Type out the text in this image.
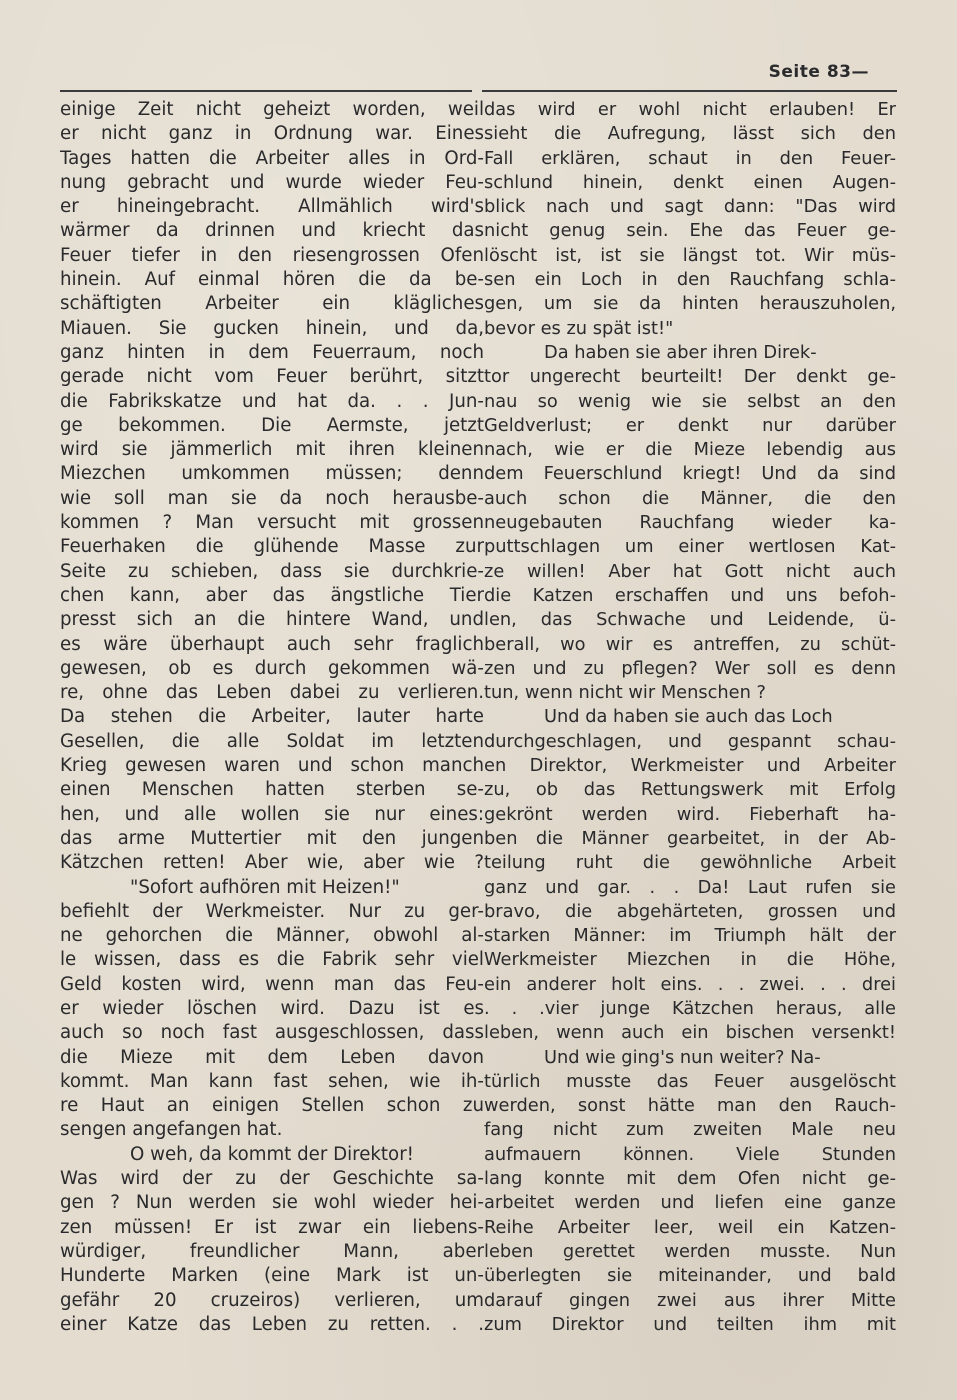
Seite 83—
einige Zeit nicht geheizt worden, weil
er nicht ganz in Ordnung war. Eines
Tages hatten die Arbeiter alles in Ord-
nung gebracht und wurde wieder Feu-
er hineingebracht. Allmählich wird's
wärmer da drinnen und kriecht das
Feuer tiefer in den riesengrossen Ofen
hinein. Auf einmal hören die da be-
schäftigten Arbeiter ein klägliches
Miauen. Sie gucken hinein, und da,
ganz hinten in dem Feuerraum, noch
gerade nicht vom Feuer berührt, sitzt
die Fabrikskatze und hat da. . . Jun-
ge bekommen. Die Aermste, jetzt
wird sie jämmerlich mit ihren kleinen
Miezchen umkommen müssen; denn
wie soll man sie da noch herausbe-
kommen ? Man versucht mit grossen
Feuerhaken die glühende Masse zur
Seite zu schieben, dass sie durchkrie-
chen kann, aber das ängstliche Tier
presst sich an die hintere Wand, und
es wäre überhaupt auch sehr fraglich
gewesen, ob es durch gekommen wä-
re, ohne das Leben dabei zu verlieren.
Da stehen die Arbeiter, lauter harte
Gesellen, die alle Soldat im letzten
Krieg gewesen waren und schon manch
einen Menschen hatten sterben se-
hen, und alle wollen sie nur eines:
das arme Muttertier mit den jungen
Kätzchen retten! Aber wie, aber wie ?
"Sofort aufhören mit Heizen!"
befiehlt der Werkmeister. Nur zu ger-
ne gehorchen die Männer, obwohl al-
le wissen, dass es die Fabrik sehr viel
Geld kosten wird, wenn man das Feu-
er wieder löschen wird. Dazu ist es
auch so noch fast ausgeschlossen, dass
die Mieze mit dem Leben davon
kommt. Man kann fast sehen, wie ih-
re Haut an einigen Stellen schon zu
sengen angefangen hat.
O weh, da kommt der Direktor!
Was wird der zu der Geschichte sa-
gen ? Nun werden sie wohl wieder hei-
zen müssen! Er ist zwar ein liebens-
würdiger, freundlicher Mann, aber
Hunderte Marken (eine Mark ist un-
gefähr 20 cruzeiros) verlieren, um
einer Katze das Leben zu retten. . .
das wird er wohl nicht erlauben! Er
sieht die Aufregung, lässt sich den
Fall erklären, schaut in den Feuer-
schlund hinein, denkt einen Augen-
blick nach und sagt dann: "Das wird
nicht genug sein. Ehe das Feuer ge-
löscht ist, ist sie längst tot. Wir müs-
sen ein Loch in den Rauchfang schla-
gen, um sie da hinten herauszuholen,
bevor es zu spät ist!"
Da haben sie aber ihren Direk-
tor ungerecht beurteilt! Der denkt ge-
nau so wenig wie sie selbst an den
Geldverlust; er denkt nur darüber
nach, wie er die Mieze lebendig aus
dem Feuerschlund kriegt! Und da sind
auch schon die Männer, die den
neugebauten Rauchfang wieder ka-
puttschlagen um einer wertlosen Kat-
ze willen! Aber hat Gott nicht auch
die Katzen erschaffen und uns befoh-
len, das Schwache und Leidende, ü-
berall, wo wir es antreffen, zu schüt-
zen und zu pflegen? Wer soll es denn
tun, wenn nicht wir Menschen ?
Und da haben sie auch das Loch
durchgeschlagen, und gespannt schau-
en Direktor, Werkmeister und Arbeiter
zu, ob das Rettungswerk mit Erfolg
gekrönt werden wird. Fieberhaft ha-
ben die Männer gearbeitet, in der Ab-
teilung ruht die gewöhnliche Arbeit
ganz und gar. . . Da! Laut rufen sie
bravo, die abgehärteten, grossen und
starken Männer: im Triumph hält der
Werkmeister Miezchen in die Höhe,
ein anderer holt eins. . . zwei. . . drei
. . .vier junge Kätzchen heraus, alle
leben, wenn auch ein bischen versenkt!
Und wie ging's nun weiter? Na-
türlich musste das Feuer ausgelöscht
werden, sonst hätte man den Rauch-
fang nicht zum zweiten Male neu
aufmauern können. Viele Stunden
lang konnte mit dem Ofen nicht ge-
arbeitet werden und liefen eine ganze
Reihe Arbeiter leer, weil ein Katzen-
leben gerettet werden musste. Nun
überlegten sie miteinander, und bald
darauf gingen zwei aus ihrer Mitte
zum Direktor und teilten ihm mit
